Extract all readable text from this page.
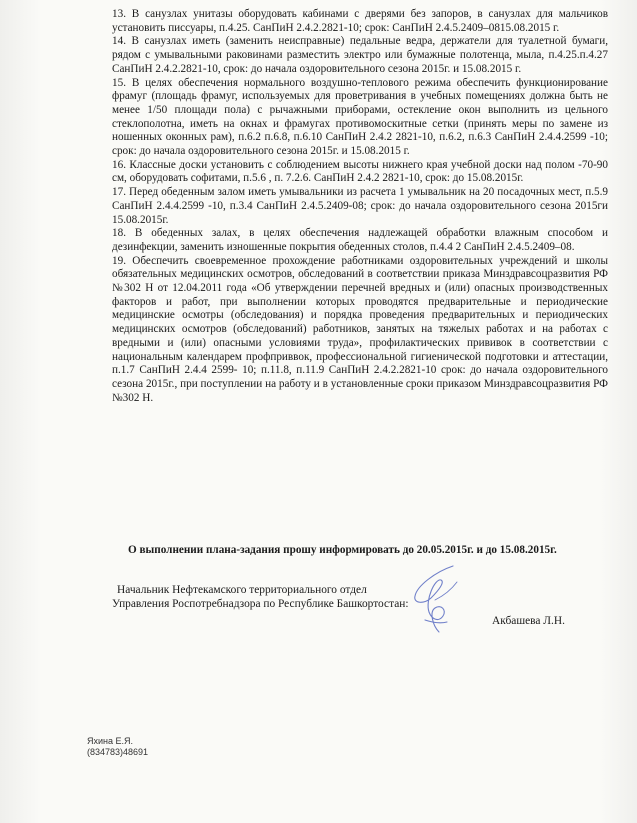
13. В санузлах унитазы оборудовать кабинами с дверями без запоров, в санузлах для мальчиков установить писсуары, п.4.25. СанПиН 2.4.2.2821-10; срок: СанПиН 2.4.5.2409–0815.08.2015 г.
14. В санузлах иметь (заменить неисправные) педальные ведра, держатели для туалетной бумаги, рядом с умывальными раковинами разместить электро или бумажные полотенца, мыла, п.4.25.п.4.27 СанПиН 2.4.2.2821-10, срок: до начала оздоровительного сезона 2015г. и 15.08.2015 г.
15. В целях обеспечения нормального воздушно-теплового режима обеспечить функционирование фрамуг (площадь фрамуг, используемых для проветривания в учебных помещениях должна быть не менее 1/50 площади пола) с рычажными приборами, остекление окон выполнить из цельного стеклополотна, иметь на окнах и фрамугах противомоскитные сетки (принять меры по замене из ношенных оконных рам), п.6.2 п.6.8, п.6.10 СанПиН 2.4.2 2821-10, п.6.2, п.6.3 СанПиН 2.4.4.2599 -10; срок: до начала оздоровительного сезона 2015г. и 15.08.2015 г.
16. Классные доски установить с соблюдением высоты нижнего края учебной доски над полом -70-90 см, оборудовать софитами, п.5.6 , п. 7.2.6. СанПиН 2.4.2 2821-10, срок: до 15.08.2015г.
17. Перед обеденным залом иметь умывальники из расчета 1 умывальник на 20 посадочных мест, п.5.9 СанПиН 2.4.4.2599 -10, п.3.4 СанПиН 2.4.5.2409-08; срок: до начала оздоровительного сезона 2015ги 15.08.2015г.
18. В обеденных залах, в целях обеспечения надлежащей обработки влажным способом и дезинфекции, заменить изношенные покрытия обеденных столов, п.4.4 2 СанПиН 2.4.5.2409–08.
19. Обеспечить своевременное прохождение работниками оздоровительных учреждений и школы обязательных медицинских осмотров, обследований в соответствии приказа Минздравсоцразвития РФ №302 Н от 12.04.2011 года «Об утверждении перечней вредных и (или) опасных производственных факторов и работ, при выполнении которых проводятся предварительные и периодические медицинские осмотры (обследования) и порядка проведения предварительных и периодических медицинских осмотров (обследований) работников, занятых на тяжелых работах и на работах с вредными и (или) опасными условиями труда», профилактических прививок в соответствии с национальным календарем профприввок, профессиональной гигиенической подготовки и аттестации, п.1.7 СанПиН 2.4.4 2599- 10; п.11.8, п.11.9 СанПиН 2.4.2.2821-10 срок: до начала оздоровительного сезона 2015г., при поступлении на работу и в установленные сроки приказом Минздравсоцразвития РФ №302 Н.
О выполнении плана-задания прошу информировать до 20.05.2015г. и до 15.08.2015г.
Начальник Нефтекамского территориального отдел
Управления Роспотребнадзора по Республике Башкортостан:
Акбашева Л.Н.
Яхина Е.Я.
(834783)48691
